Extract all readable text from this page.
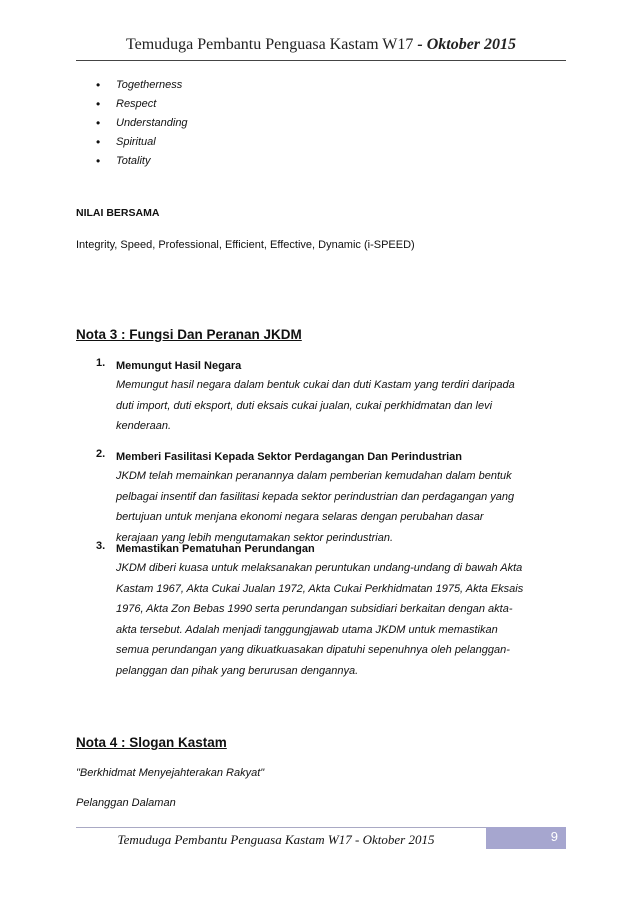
Temuduga Pembantu Penguasa Kastam W17 - Oktober 2015
• Togetherness
• Respect
• Understanding
• Spiritual
• Totality
NILAI BERSAMA
Integrity, Speed, Professional, Efficient, Effective, Dynamic (i-SPEED)
Nota 3 : Fungsi Dan Peranan JKDM
1. Memungut Hasil Negara
Memungut hasil negara dalam bentuk cukai dan duti Kastam yang terdiri daripada
duti import, duti eksport, duti eksais cukai jualan, cukai perkhidmatan dan levi
kenderaan.
2. Memberi Fasilitasi Kepada Sektor Perdagangan Dan Perindustrian
JKDM telah memainkan peranannya dalam pemberian kemudahan dalam bentuk
pelbagai insentif dan fasilitasi kepada sektor perindustrian dan perdagangan yang
bertujuan untuk menjana ekonomi negara selaras dengan perubahan dasar
kerajaan yang lebih mengutamakan sektor perindustrian.
3. Memastikan Pematuhan Perundangan
JKDM diberi kuasa untuk melaksanakan peruntukan undang-undang di bawah Akta
Kastam 1967, Akta Cukai Jualan 1972, Akta Cukai Perkhidmatan 1975, Akta Eksais
1976, Akta Zon Bebas 1990 serta perundangan subsidiari berkaitan dengan akta-
akta tersebut. Adalah menjadi tanggungjawab utama JKDM untuk memastikan
semua perundangan yang dikuatkuasakan dipatuhi sepenuhnya oleh pelanggan-
pelanggan dan pihak yang berurusan dengannya.
Nota 4 : Slogan Kastam
"Berkhidmat Menyejahterakan Rakyat"
Pelanggan Dalaman
Temuduga Pembantu Penguasa Kastam W17 - Oktober 2015	9
